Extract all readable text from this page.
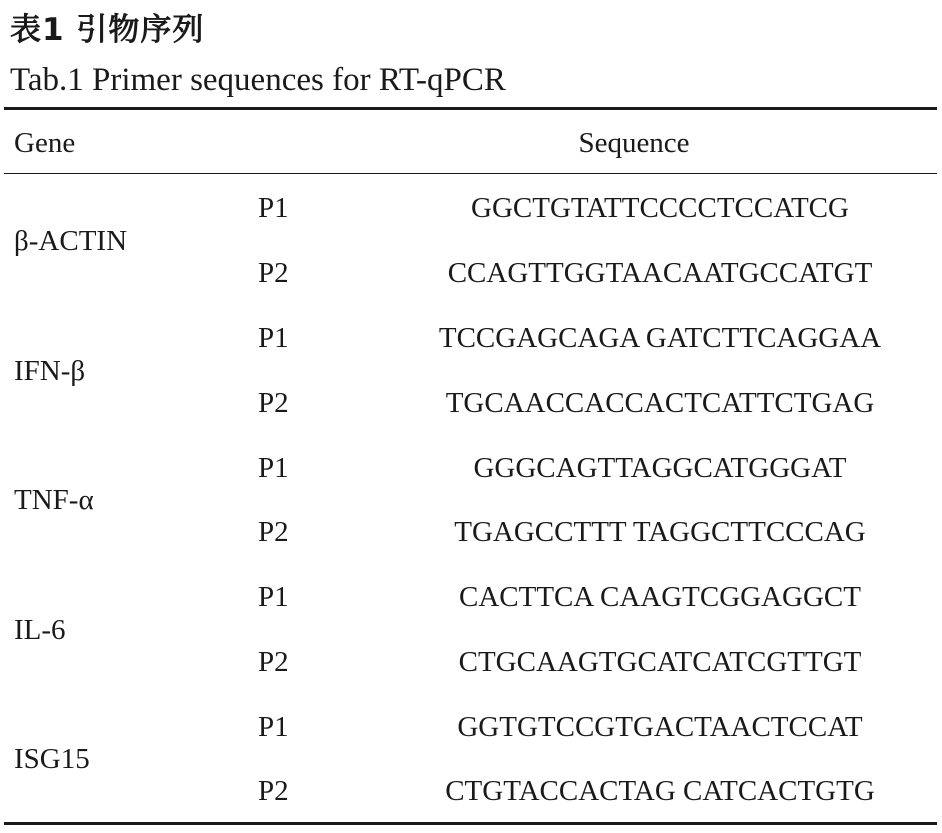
表1 引物序列
Tab.1 Primer sequences for RT-qPCR
Gene	Sequence
β-ACTIN
P1	GGCTGTATTCCCCTCCATCG
P2	CCAGTTGGTAACAATGCCATGT
IFN-β
P1	TCCGAGCAGA GATCTTCAGGAA
P2	TGCAACCACCACTCATTCTGAG
TNF-α
P1	GGGCAGTTAGGCATGGGAT
P2	TGAGCCTTT TAGGCTTCCCAG
IL-6
P1	CACTTCA CAAGTCGGAGGCT
P2	CTGCAAGTGCATCATCGTTGT
ISG15
P1	GGTGTCCGTGACTAACTCCAT
P2	CTGTACCACTAG CATCACTGTG
